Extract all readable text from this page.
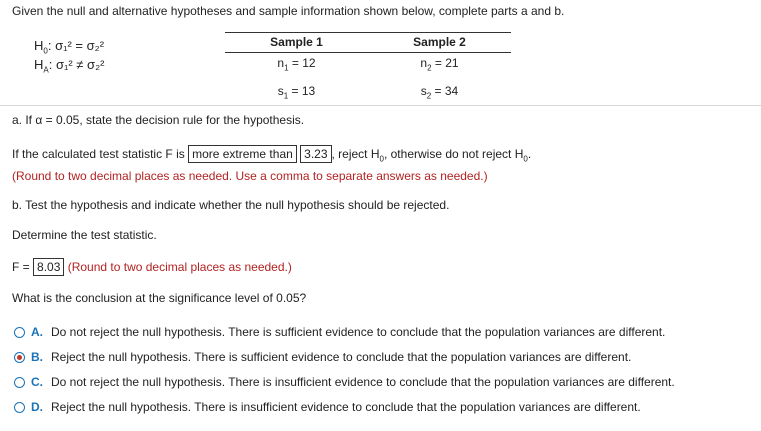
Given the null and alternative hypotheses and sample information shown below, complete parts a and b.
$H_0$: σ₁² = σ₂²
$H_A$: σ₁² ≠ σ₂²
Sample 1	Sample 2
$n_1 = 12$	$n_2 = 21$
$s_1 = 13$	$s_2 = 34$
a. If α = 0.05, state the decision rule for the hypothesis.
If the calculated test statistic F is more extreme than 3.23 , reject $H_0$, otherwise do not reject $H_0$.
(Round to two decimal places as needed. Use a comma to separate answers as needed.)
b. Test the hypothesis and indicate whether the null hypothesis should be rejected.
Determine the test statistic.
F = 8.03 (Round to two decimal places as needed.)
What is the conclusion at the significance level of 0.05?
A. Do not reject the null hypothesis. There is sufficient evidence to conclude that the population variances are different.
B. Reject the null hypothesis. There is sufficient evidence to conclude that the population variances are different.
C. Do not reject the null hypothesis. There is insufficient evidence to conclude that the population variances are different.
D. Reject the null hypothesis. There is insufficient evidence to conclude that the population variances are different.
